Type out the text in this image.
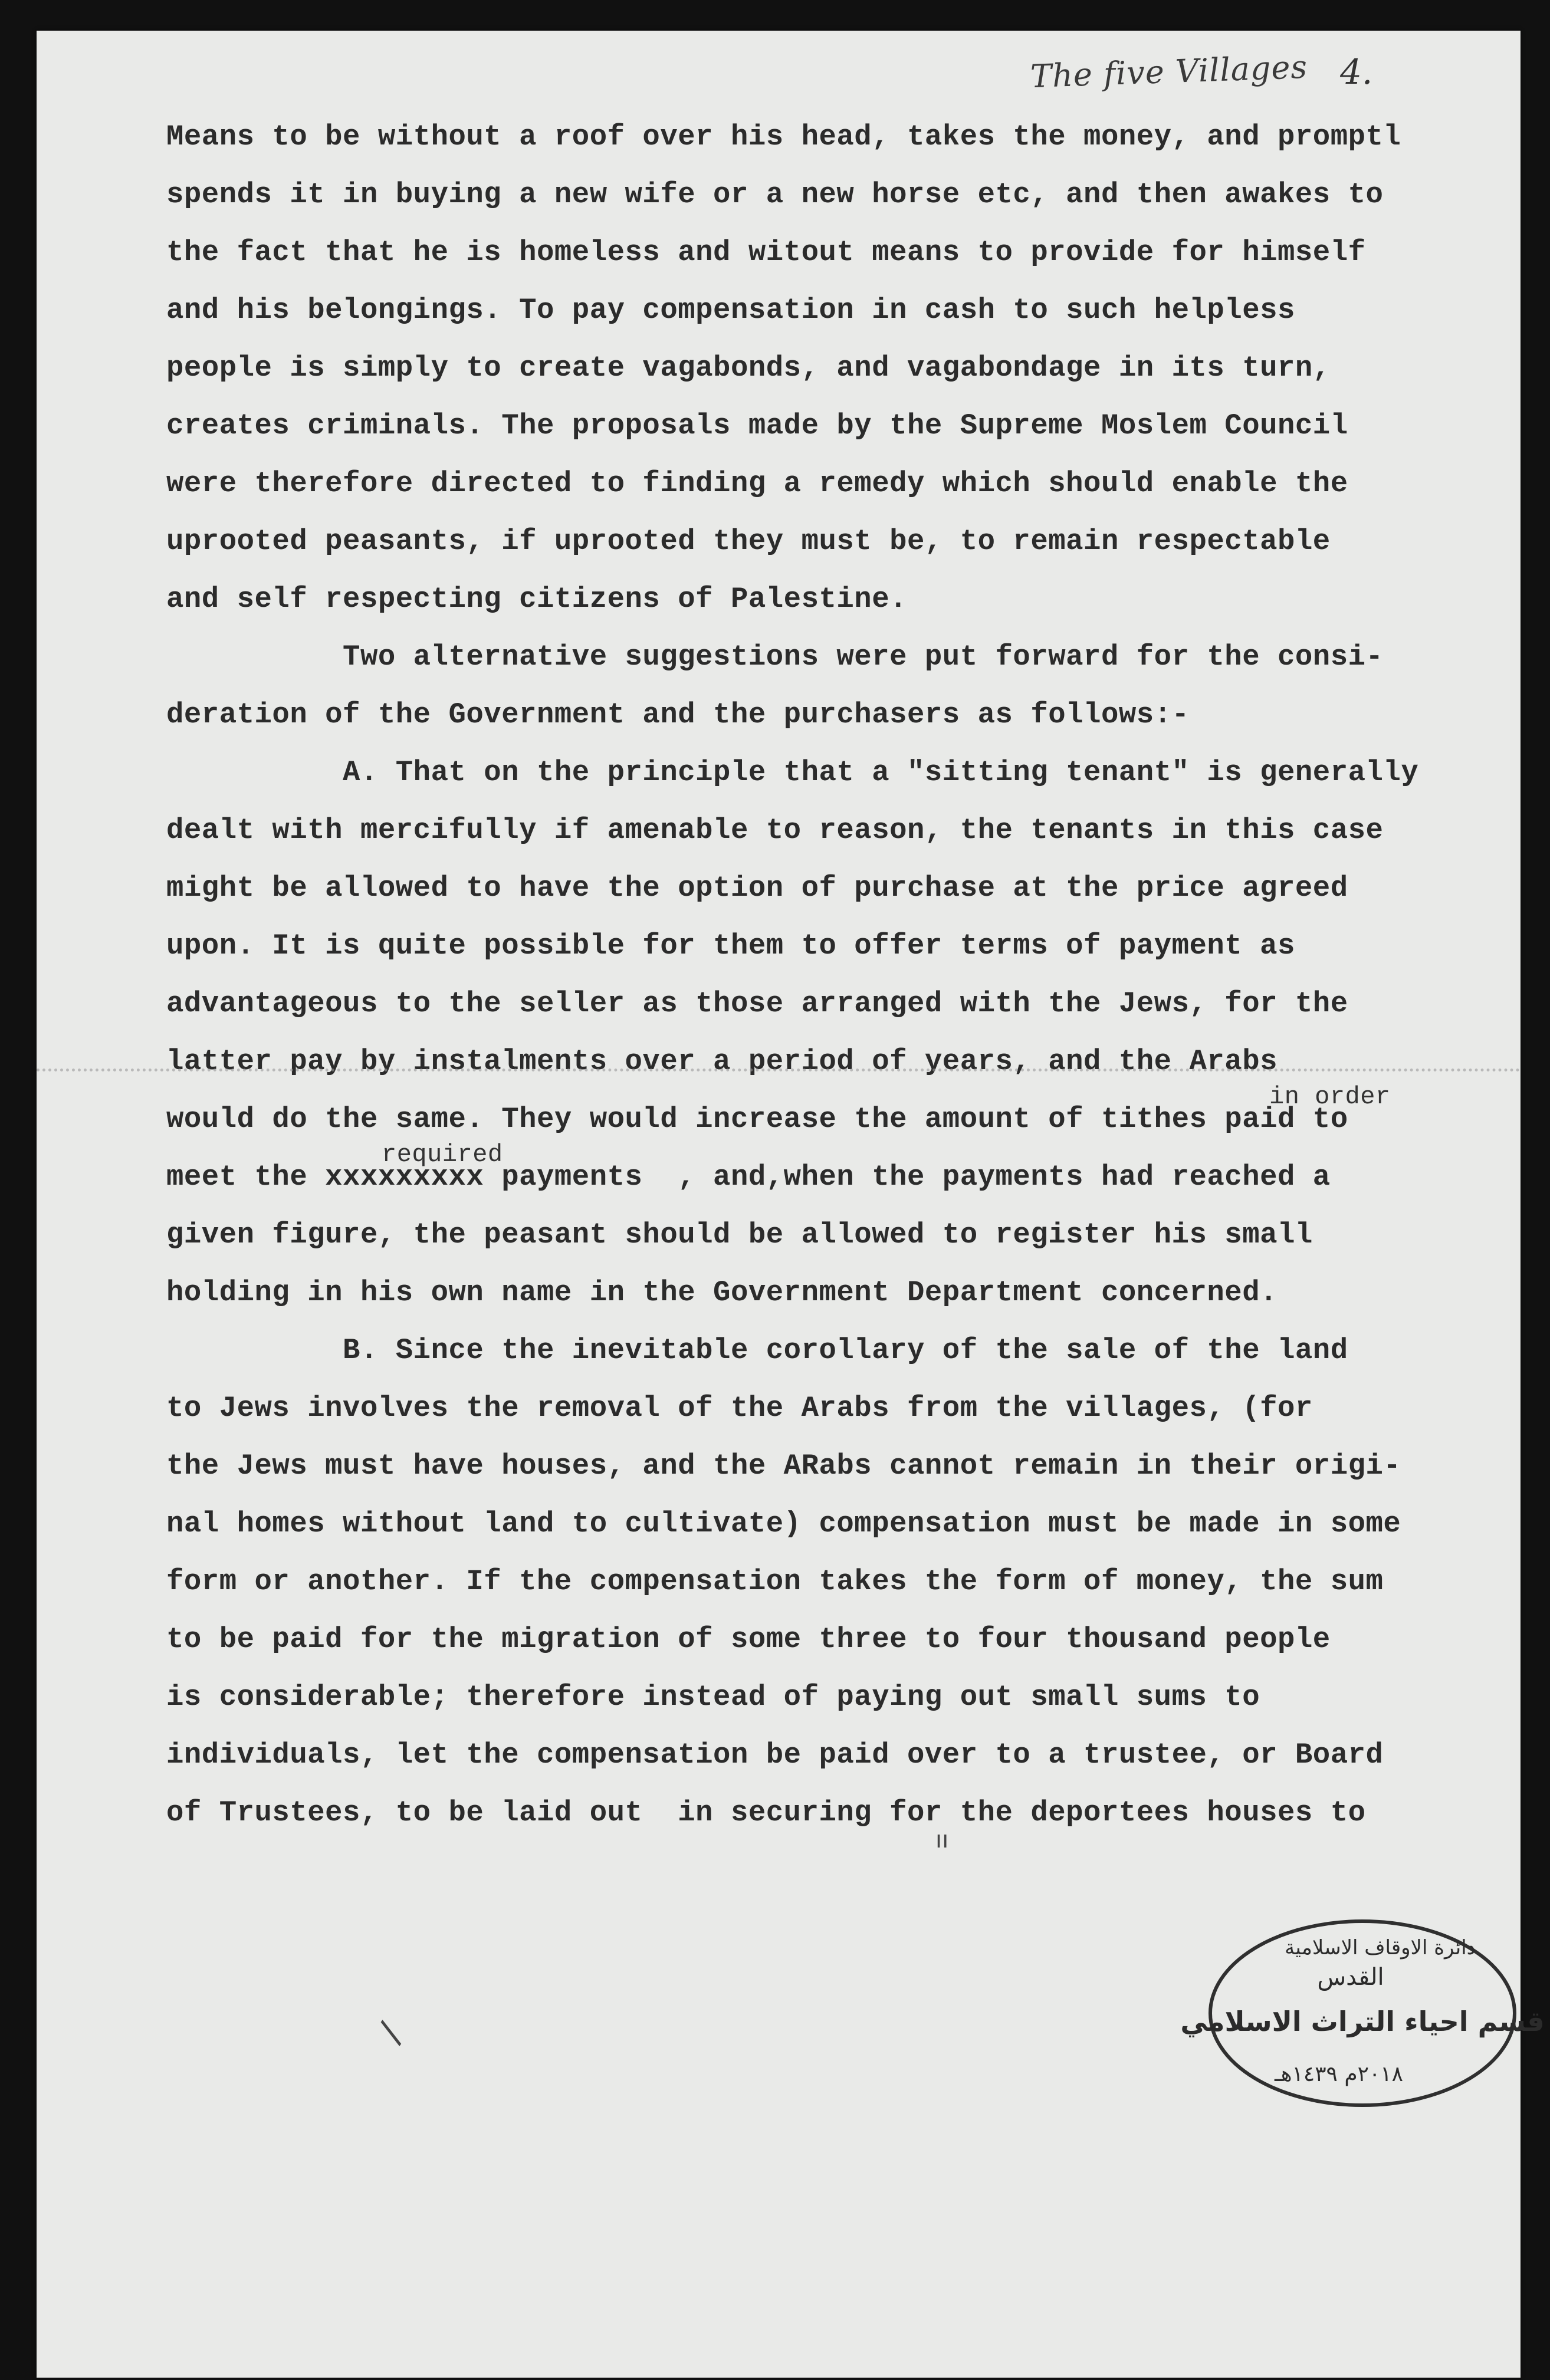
The five Villages 4.
Means to be without a roof over his head, takes the money, and promptl
spends it in buying a new wife or a new horse etc, and then awakes to
the fact that he is homeless and witout means to provide for himself
and his belongings. To pay compensation in cash to such helpless
people is simply to create vagabonds, and vagabondage in its turn,
creates criminals. The proposals made by the Supreme Moslem Council
were therefore directed to finding a remedy which should enable the
uprooted peasants, if uprooted they must be, to remain respectable
and self respecting citizens of Palestine.
Two alternative suggestions were put forward for the consi-
deration of the Government and the purchasers as follows:-
A. That on the principle that a "sitting tenant" is generally
dealt with mercifully if amenable to reason, the tenants in this case
might be allowed to have the option of purchase at the price agreed
upon. It is quite possible for them to offer terms of payment as
advantageous to the seller as those arranged with the Jews, for the
latter pay by instalments over a period of years, and the Arabs
in order
would do the same. They would increase the amount of tithes paid to
required
meet the xxxxxxxxx payments  , and,when the payments had reached a
given figure, the peasant should be allowed to register his small
holding in his own name in the Government Department concerned.
B. Since the inevitable corollary of the sale of the land
to Jews involves the removal of the Arabs from the villages, (for
the Jews must have houses, and the ARabs cannot remain in their origi-
nal homes without land to cultivate) compensation must be made in some
form or another. If the compensation takes the form of money, the sum
to be paid for the migration of some three to four thousand people
is considerable; therefore instead of paying out small sums to
individuals, let the compensation be paid over to a trustee, or Board
of Trustees, to be laid out  in securing for the deportees houses to
ıı
/
دائرة الاوقاف الاسلامية
القدس
قسم احياء التراث الاسلامي
٢٠١٨م ١٤٣٩هـ
